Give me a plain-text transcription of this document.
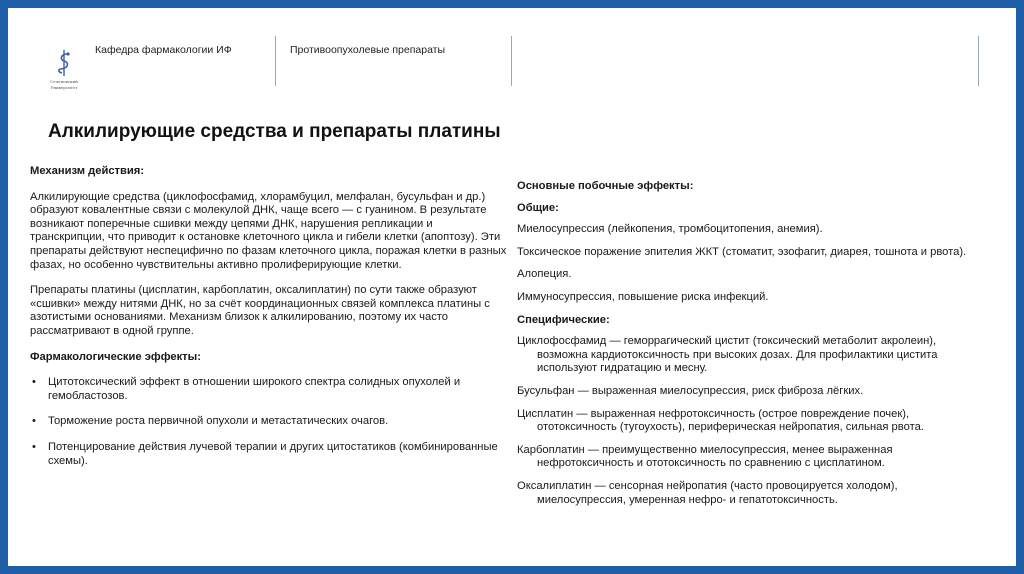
Сеченовский
Университет
Кафедра фармакологии ИФ	Противоопухолевые препараты
Алкилирующие средства и препараты платины
Механизм действия:
Алкилирующие средства (циклофосфамид, хлорамбуцил, мелфалан, бусульфан и др.) образуют ковалентные связи с молекулой ДНК, чаще всего — с гуанином. В результате возникают поперечные сшивки между цепями ДНК, нарушения репликации и транскрипции, что приводит к остановке клеточного цикла и гибели клетки (апоптозу). Эти препараты действуют неспецифично по фазам клеточного цикла, поражая клетки в разных фазах, но особенно чувствительны активно пролиферирующие клетки.
Препараты платины (цисплатин, карбоплатин, оксалиплатин) по сути также образуют «сшивки» между нитями ДНК, но за счёт координационных связей комплекса платины с азотистыми основаниями. Механизм близок к алкилированию, поэтому их часто рассматривают в одной группе.
Фармакологические эффекты:
• Цитотоксический эффект в отношении широкого спектра солидных опухолей и гемобластозов.
• Торможение роста первичной опухоли и метастатических очагов.
• Потенцирование действия лучевой терапии и других цитостатиков (комбинированные схемы).
Основные побочные эффекты:
Общие:
Миелосупрессия (лейкопения, тромбоцитопения, анемия).
Токсическое поражение эпителия ЖКТ (стоматит, эзофагит, диарея, тошнота и рвота).
Алопеция.
Иммуносупрессия, повышение риска инфекций.
Специфические:
Циклофосфамид — геморрагический цистит (токсический метаболит акролеин), возможна кардиотоксичность при высоких дозах. Для профилактики цистита используют гидратацию и месну.
Бусульфан — выраженная миелосупрессия, риск фиброза лёгких.
Цисплатин — выраженная нефротоксичность (острое повреждение почек), ототоксичность (тугоухость), периферическая нейропатия, сильная рвота.
Карбоплатин — преимущественно миелосупрессия, менее выраженная нефротоксичность и ототоксичность по сравнению с цисплатином.
Оксалиплатин — сенсорная нейропатия (часто провоцируется холодом), миелосупрессия, умеренная нефро- и гепатотоксичность.
